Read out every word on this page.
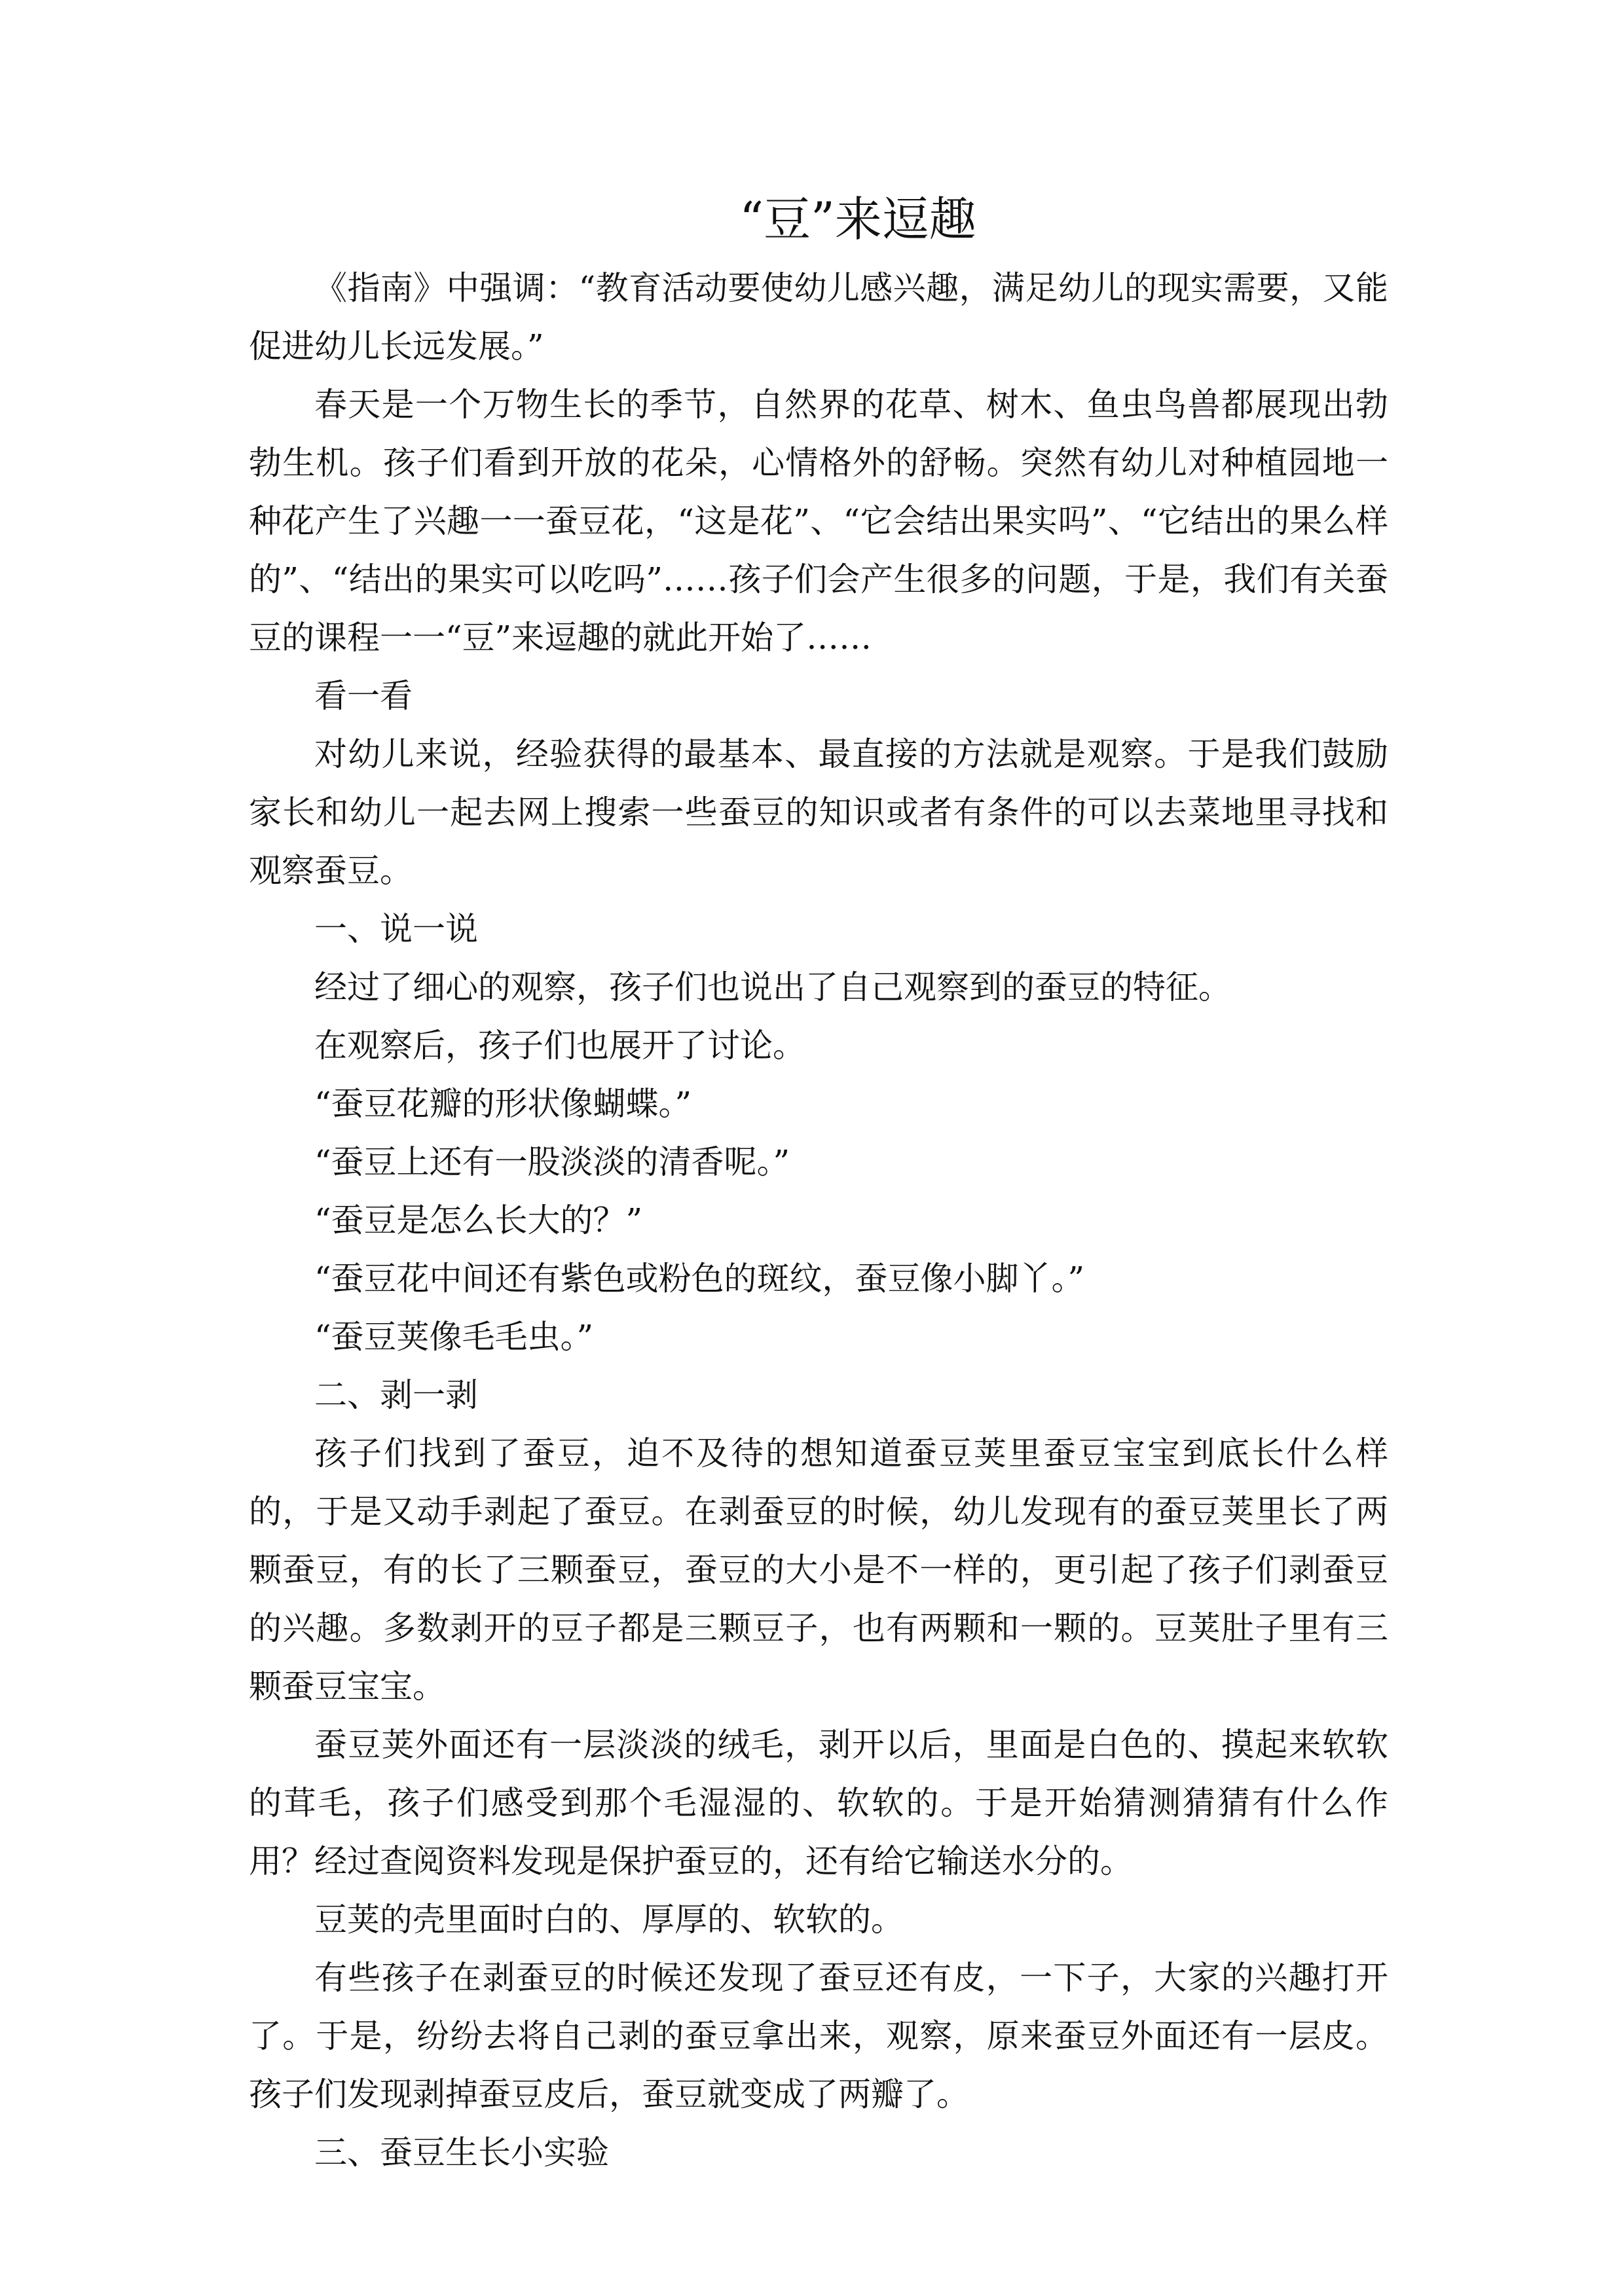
“豆”来逗趣

《指南》中强调：“教育活动要使幼儿感兴趣，满足幼儿的现实需要，又能促进幼儿长远发展。”

春天是一个万物生长的季节，自然界的花草、树木、鱼虫鸟兽都展现出勃勃生机。孩子们看到开放的花朵，心情格外的舒畅。突然有幼儿对种植园地一种花产生了兴趣一一蚕豆花，“这是花”、“它会结出果实吗”、“它结出的果么样的”、“结出的果实可以吃吗”……孩子们会产生很多的问题，于是，我们有关蚕豆的课程一一“豆”来逗趣的就此开始了……

看一看

对幼儿来说，经验获得的最基本、最直接的方法就是观察。于是我们鼓励家长和幼儿一起去网上搜索一些蚕豆的知识或者有条件的可以去菜地里寻找和观察蚕豆。

一、说一说

经过了细心的观察，孩子们也说出了自己观察到的蚕豆的特征。

在观察后，孩子们也展开了讨论。

“蚕豆花瓣的形状像蝴蝶。”

“蚕豆上还有一股淡淡的清香呢。”

“蚕豆是怎么长大的？”

“蚕豆花中间还有紫色或粉色的斑纹，蚕豆像小脚丫。”

“蚕豆荚像毛毛虫。”

二、剥一剥

孩子们找到了蚕豆，迫不及待的想知道蚕豆荚里蚕豆宝宝到底长什么样的，于是又动手剥起了蚕豆。在剥蚕豆的时候，幼儿发现有的蚕豆荚里长了两颗蚕豆，有的长了三颗蚕豆，蚕豆的大小是不一样的，更引起了孩子们剥蚕豆的兴趣。多数剥开的豆子都是三颗豆子，也有两颗和一颗的。豆荚肚子里有三颗蚕豆宝宝。

蚕豆荚外面还有一层淡淡的绒毛，剥开以后，里面是白色的、摸起来软软的茸毛，孩子们感受到那个毛湿湿的、软软的。于是开始猜测猜猜有什么作用？经过查阅资料发现是保护蚕豆的，还有给它输送水分的。

豆荚的壳里面时白的、厚厚的、软软的。

有些孩子在剥蚕豆的时候还发现了蚕豆还有皮，一下子，大家的兴趣打开了。于是，纷纷去将自己剥的蚕豆拿出来，观察，原来蚕豆外面还有一层皮。孩子们发现剥掉蚕豆皮后，蚕豆就变成了两瓣了。

三、蚕豆生长小实验
